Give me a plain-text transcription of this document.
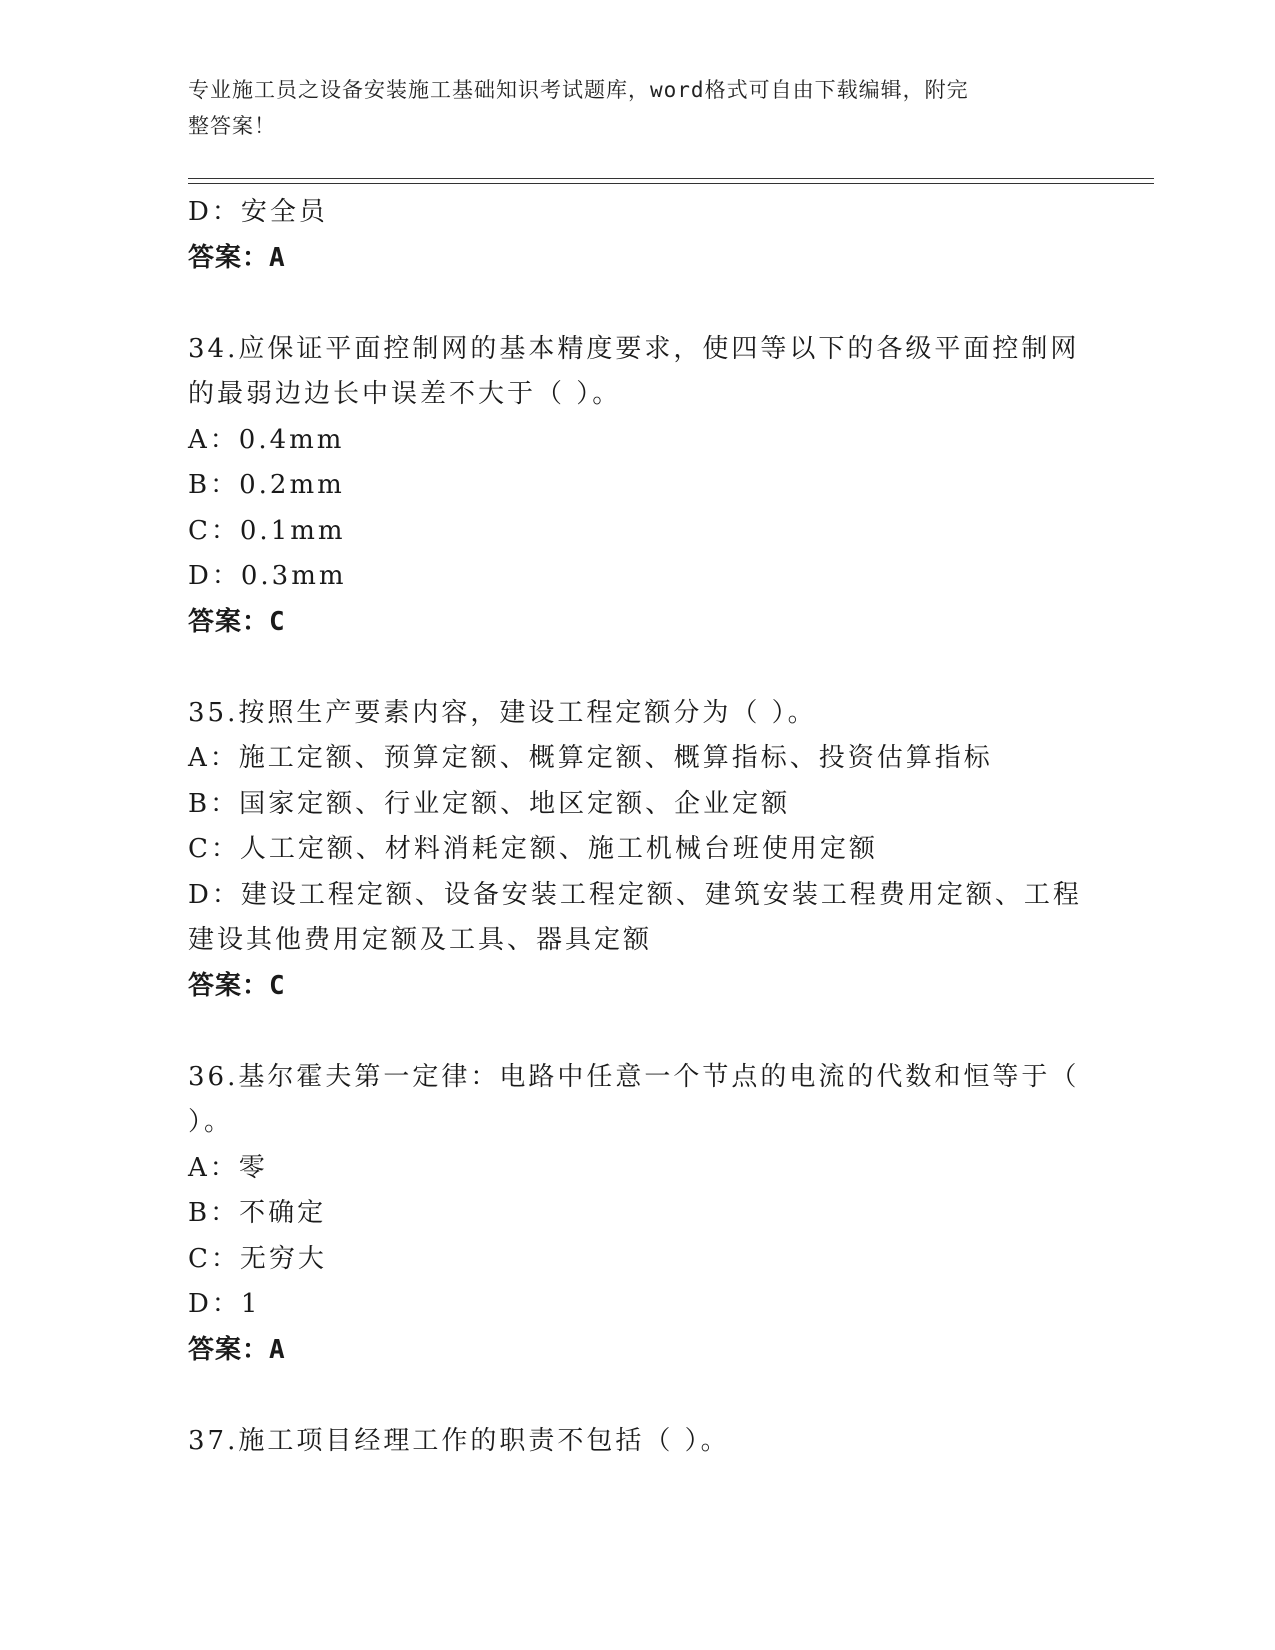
专业施工员之设备安装施工基础知识考试题库，word格式可自由下载编辑，附完
整答案！
D：安全员
答案：A
34.应保证平面控制网的基本精度要求，使四等以下的各级平面控制网
的最弱边边长中误差不大于（ ）。
A：0.4mm
B：0.2mm
C：0.1mm
D：0.3mm
答案：C
35.按照生产要素内容，建设工程定额分为（ ）。
A：施工定额、预算定额、概算定额、概算指标、投资估算指标
B：国家定额、行业定额、地区定额、企业定额
C：人工定额、材料消耗定额、施工机械台班使用定额
D：建设工程定额、设备安装工程定额、建筑安装工程费用定额、工程
建设其他费用定额及工具、器具定额
答案：C
36.基尔霍夫第一定律：电路中任意一个节点的电流的代数和恒等于（
）。
A：零
B：不确定
C：无穷大
D：1
答案：A
37.施工项目经理工作的职责不包括（ ）。
